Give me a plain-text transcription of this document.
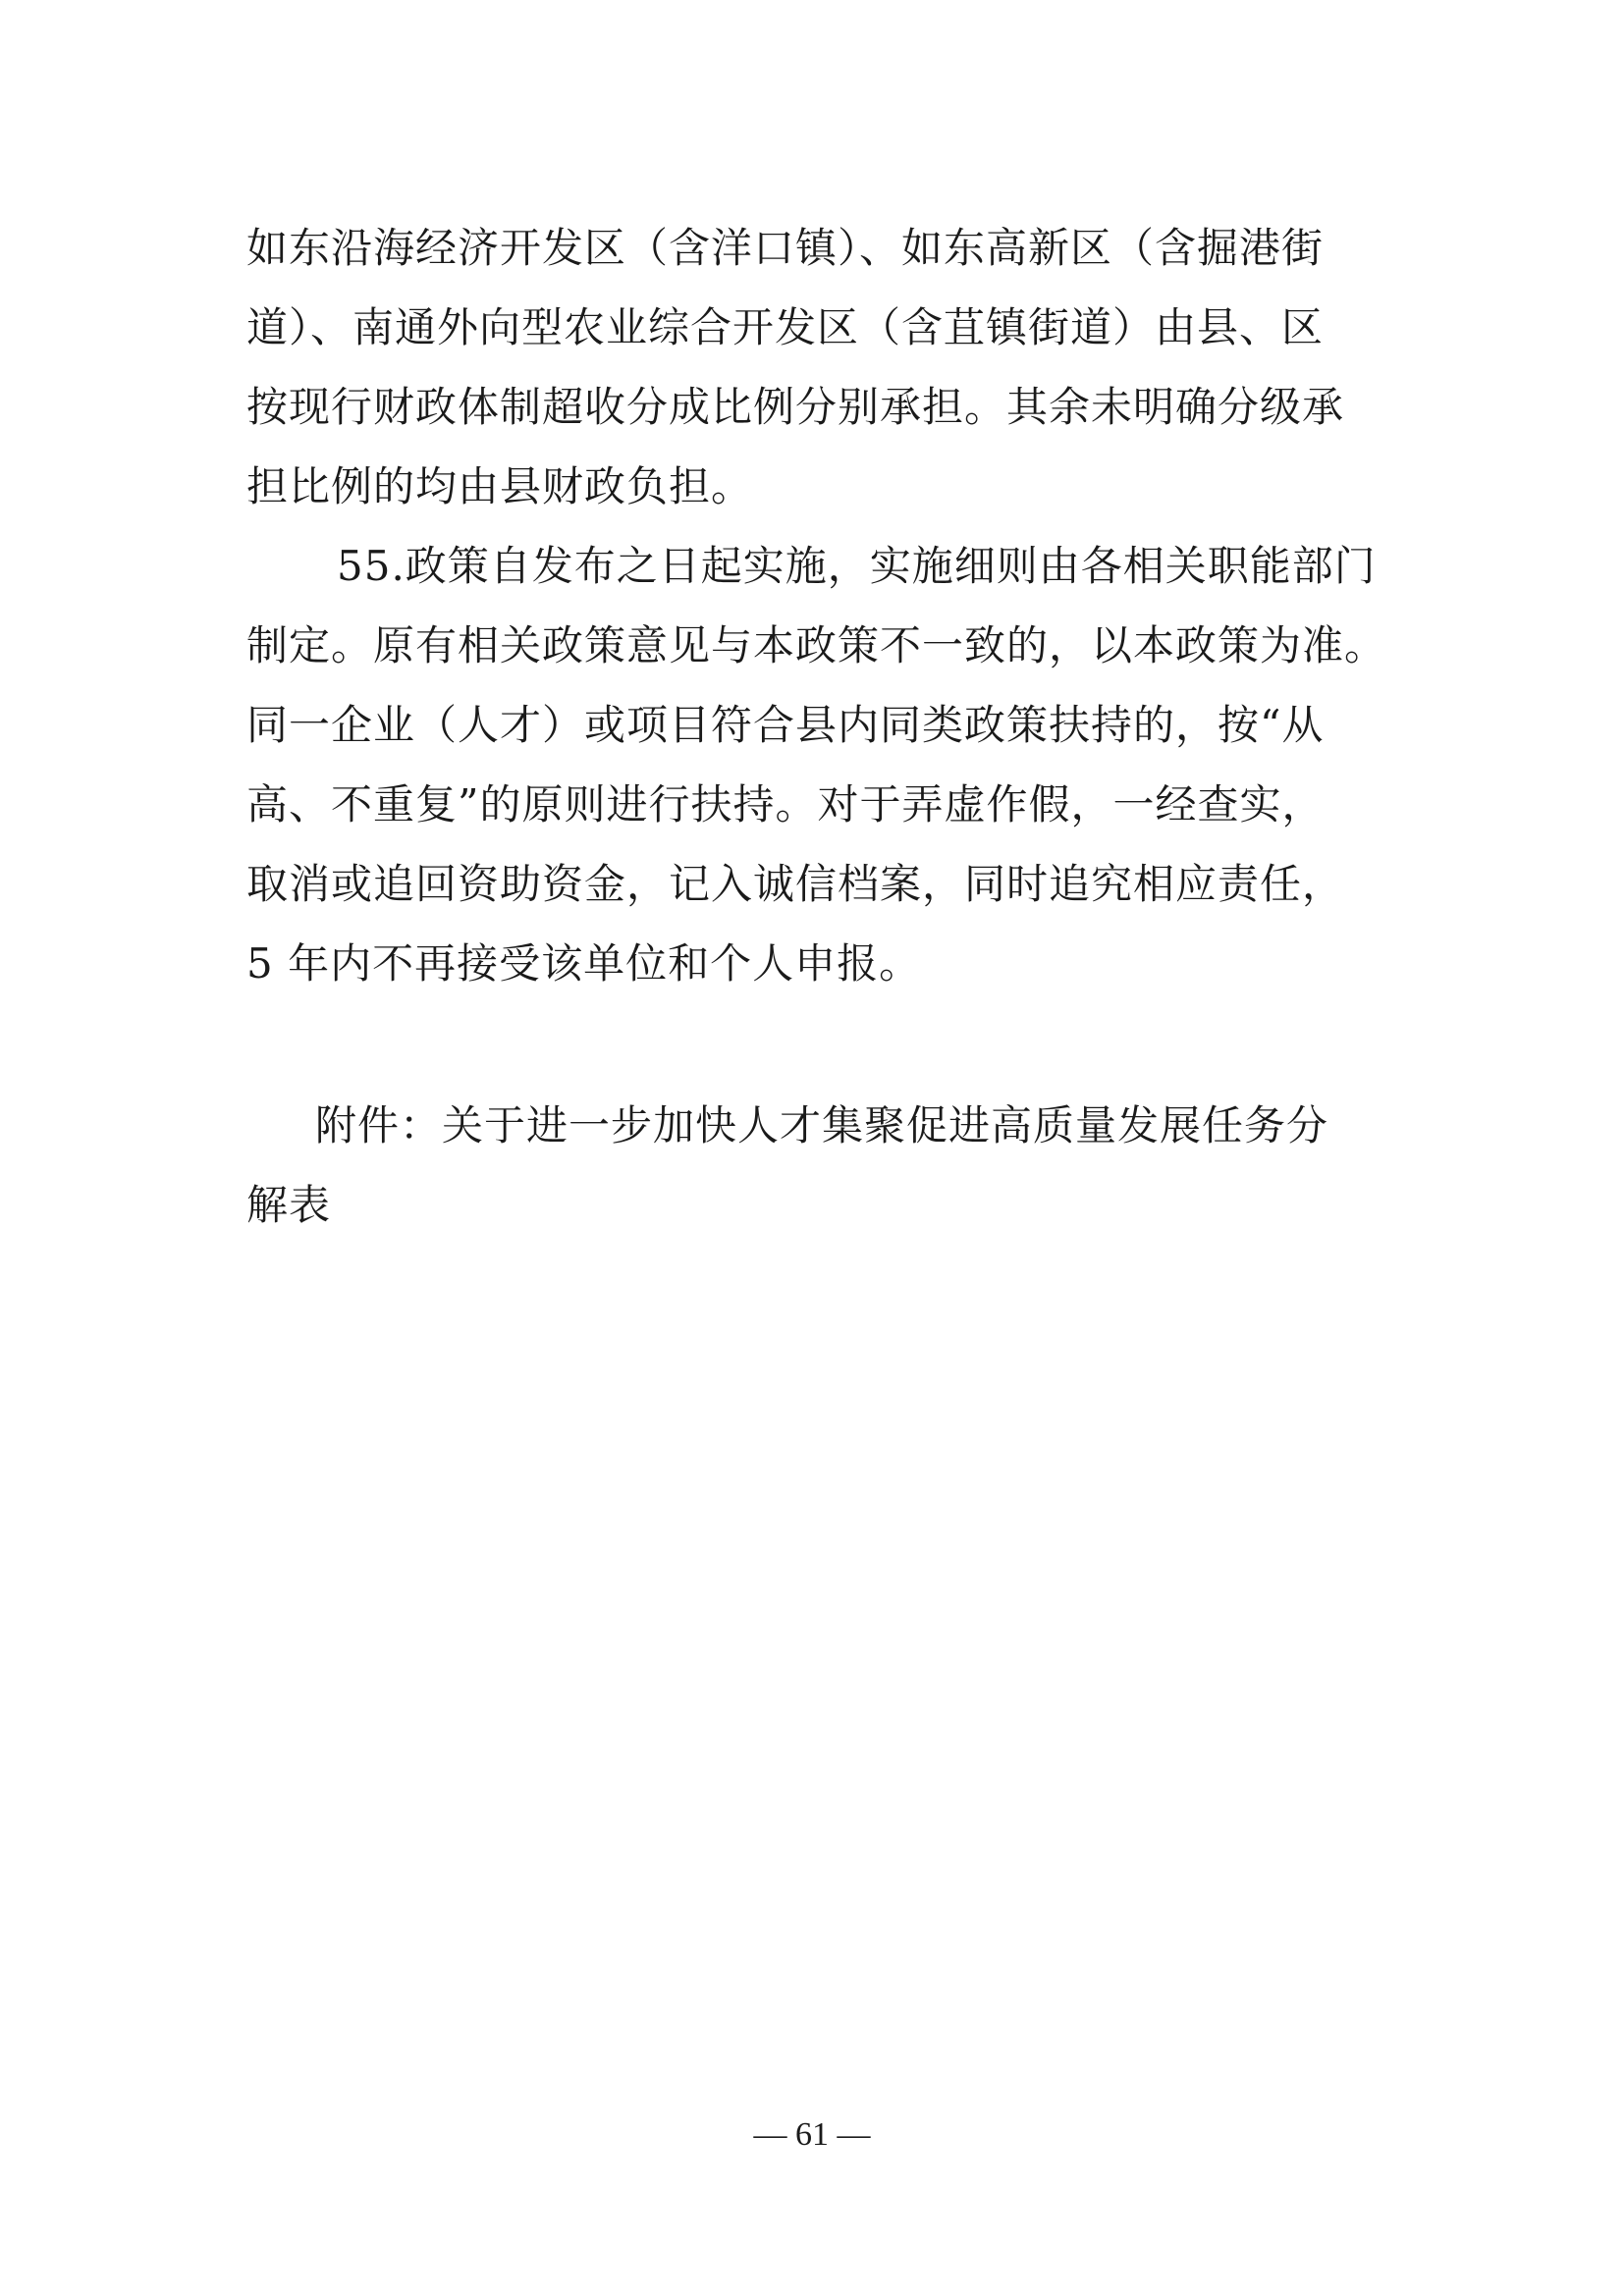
如东沿海经济开发区（含洋口镇）、如东高新区（含掘港街
道）、南通外向型农业综合开发区（含苴镇街道）由县、区
按现行财政体制超收分成比例分别承担。其余未明确分级承
担比例的均由县财政负担。
55.政策自发布之日起实施，实施细则由各相关职能部门
制定。原有相关政策意见与本政策不一致的，以本政策为准。
同一企业（人才）或项目符合县内同类政策扶持的，按“从
高、不重复”的原则进行扶持。对于弄虚作假，一经查实，
取消或追回资助资金，记入诚信档案，同时追究相应责任，
5 年内不再接受该单位和个人申报。
附件：关于进一步加快人才集聚促进高质量发展任务分
解表
— 61 —
